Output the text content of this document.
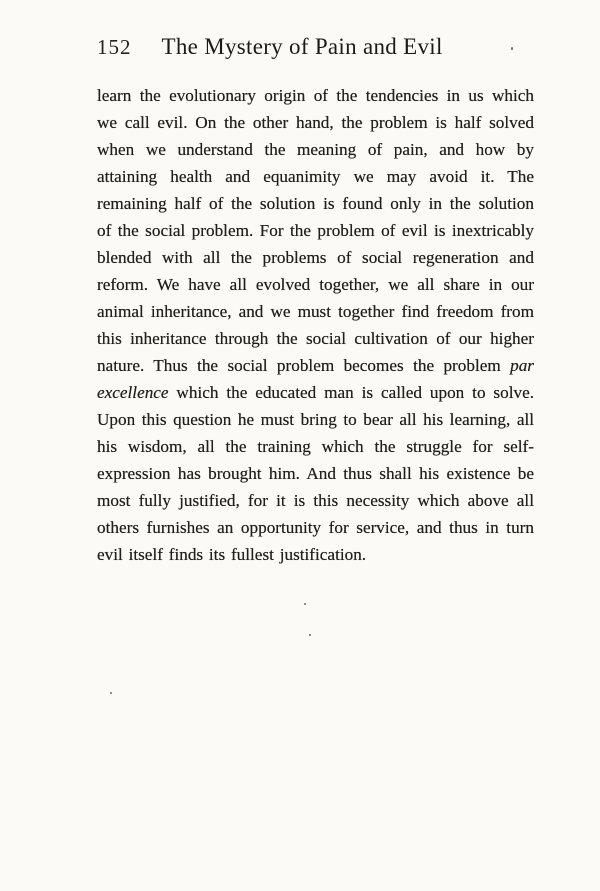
152 The Mystery of Pain and Evil

learn the evolutionary origin of the tendencies in us which we call evil. On the other hand, the problem is half solved when we understand the meaning of pain, and how by attaining health and equanimity we may avoid it. The remaining half of the solution is found only in the solution of the social problem. For the problem of evil is inextricably blended with all the problems of social regeneration and reform. We have all evolved together, we all share in our animal inheritance, and we must together find freedom from this inheritance through the social cultivation of our higher nature. Thus the social problem becomes the problem par excellence which the educated man is called upon to solve. Upon this question he must bring to bear all his learning, all his wisdom, all the training which the struggle for self-expression has brought him. And thus shall his existence be most fully justified, for it is this necessity which above all others furnishes an opportunity for service, and thus in turn evil itself finds its fullest justification.
